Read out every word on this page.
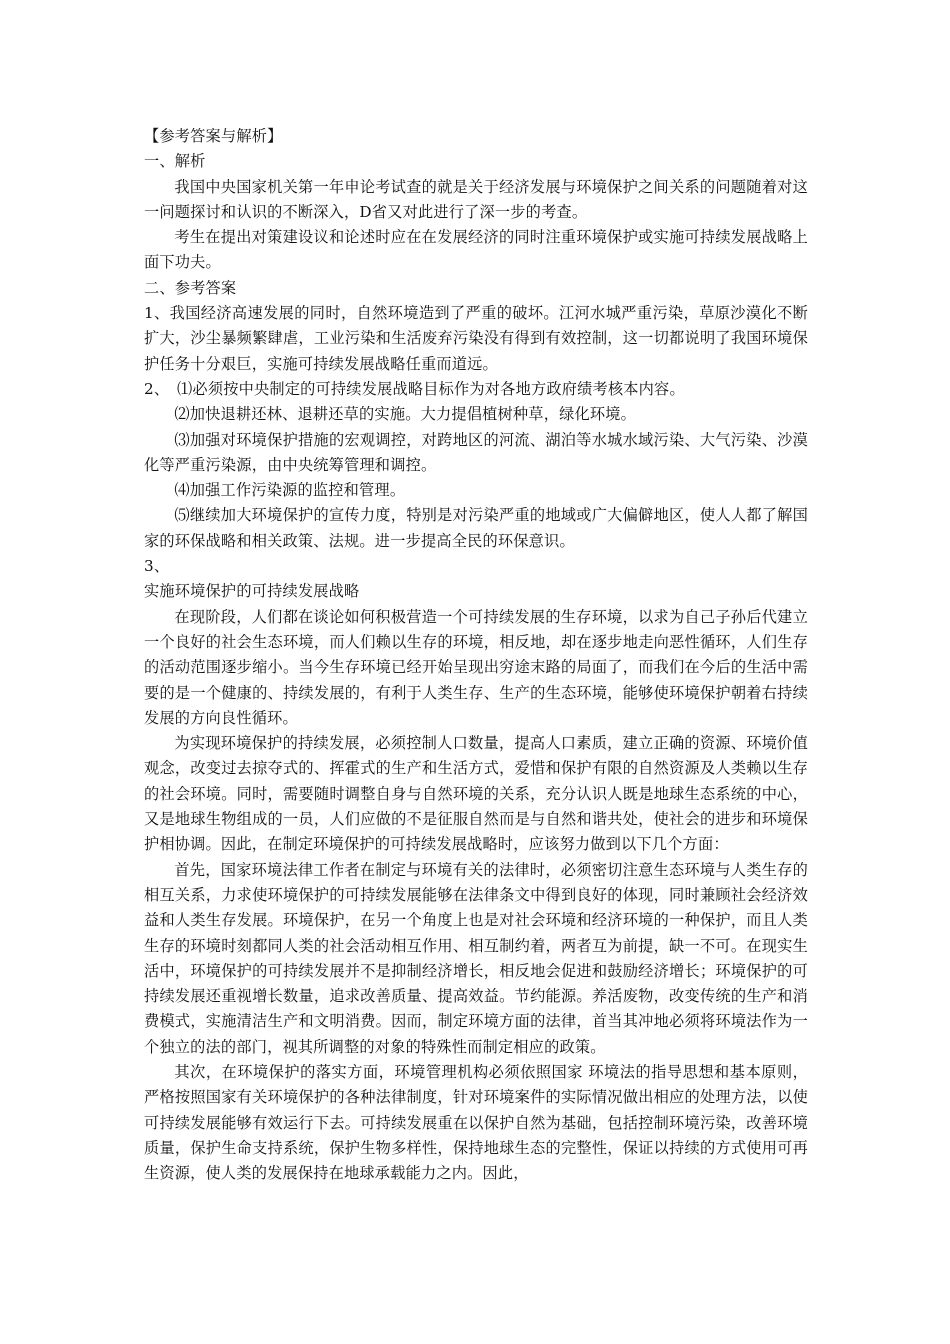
【参考答案与解析】

一、解析

我国中央国家机关第一年申论考试查的就是关于经济发展与环境保护之间关系的问题随着对这一问题探讨和认识的不断深入，D省又对此进行了深一步的考查。

考生在提出对策建设议和论述时应在在发展经济的同时注重环境保护或实施可持续发展战略上面下功夫。

二、参考答案

1、我国经济高速发展的同时，自然环境造到了严重的破坏。江河水城严重污染，草原沙漠化不断扩大，沙尘暴频繁肆虐，工业污染和生活废弃污染没有得到有效控制，这一切都说明了我国环境保护任务十分艰巨，实施可持续发展战略任重而道远。

2、　⑴必须按中央制定的可持续发展战略目标作为对各地方政府绩考核本内容。

⑵加快退耕还林、退耕还草的实施。大力提倡植树种草，绿化环境。

⑶加强对环境保护措施的宏观调控，对跨地区的河流、湖泊等水城水域污染、大气污染、沙漠化等严重污染源，由中央统筹管理和调控。

⑷加强工作污染源的监控和管理。

⑸继续加大环境保护的宣传力度，特别是对污染严重的地域或广大偏僻地区，使人人都了解国家的环保战略和相关政策、法规。进一步提高全民的环保意识。

3、

实施环境保护的可持续发展战略

在现阶段，人们都在谈论如何积极营造一个可持续发展的生存环境，以求为自己子孙后代建立一个良好的社会生态环境，而人们赖以生存的环境，相反地，却在逐步地走向恶性循环，人们生存的活动范围逐步缩小。当今生存环境已经开始呈现出穷途末路的局面了，而我们在今后的生活中需要的是一个健康的、持续发展的，有利于人类生存、生产的生态环境，能够使环境保护朝着右持续发展的方向良性循环。

为实现环境保护的持续发展，必须控制人口数量，提高人口素质，建立正确的资源、环境价值观念，改变过去掠夺式的、挥霍式的生产和生活方式，爱惜和保护有限的自然资源及人类赖以生存的社会环境。同时，需要随时调整自身与自然环境的关系，充分认识人既是地球生态系统的中心，又是地球生物组成的一员，人们应做的不是征服自然而是与自然和谐共处，使社会的进步和环境保护相协调。因此，在制定环境保护的可持续发展战略时，应该努力做到以下几个方面：

首先，国家环境法律工作者在制定与环境有关的法律时，必须密切注意生态环境与人类生存的相互关系，力求使环境保护的可持续发展能够在法律条文中得到良好的体现，同时兼顾社会经济效益和人类生存发展。环境保护，在另一个角度上也是对社会环境和经济环境的一种保护，而且人类生存的环境时刻都同人类的社会活动相互作用、相互制约着，两者互为前提，缺一不可。在现实生活中，环境保护的可持续发展并不是抑制经济增长，相反地会促进和鼓励经济增长；环境保护的可持续发展还重视增长数量，追求改善质量、提高效益。节约能源。养活废物，改变传统的生产和消费模式，实施清洁生产和文明消费。因而，制定环境方面的法律，首当其冲地必须将环境法作为一个独立的法的部门，视其所调整的对象的特殊性而制定相应的政策。

其次，在环境保护的落实方面，环境管理机构必须依照国家 环境法的指导思想和基本原则，严格按照国家有关环境保护的各种法律制度，针对环境案件的实际情况做出相应的处理方法，以使可持续发展能够有效运行下去。可持续发展重在以保护自然为基础，包括控制环境污染，改善环境质量，保护生命支持系统，保护生物多样性，保持地球生态的完整性，保证以持续的方式使用可再生资源，使人类的发展保持在地球承载能力之内。因此，
